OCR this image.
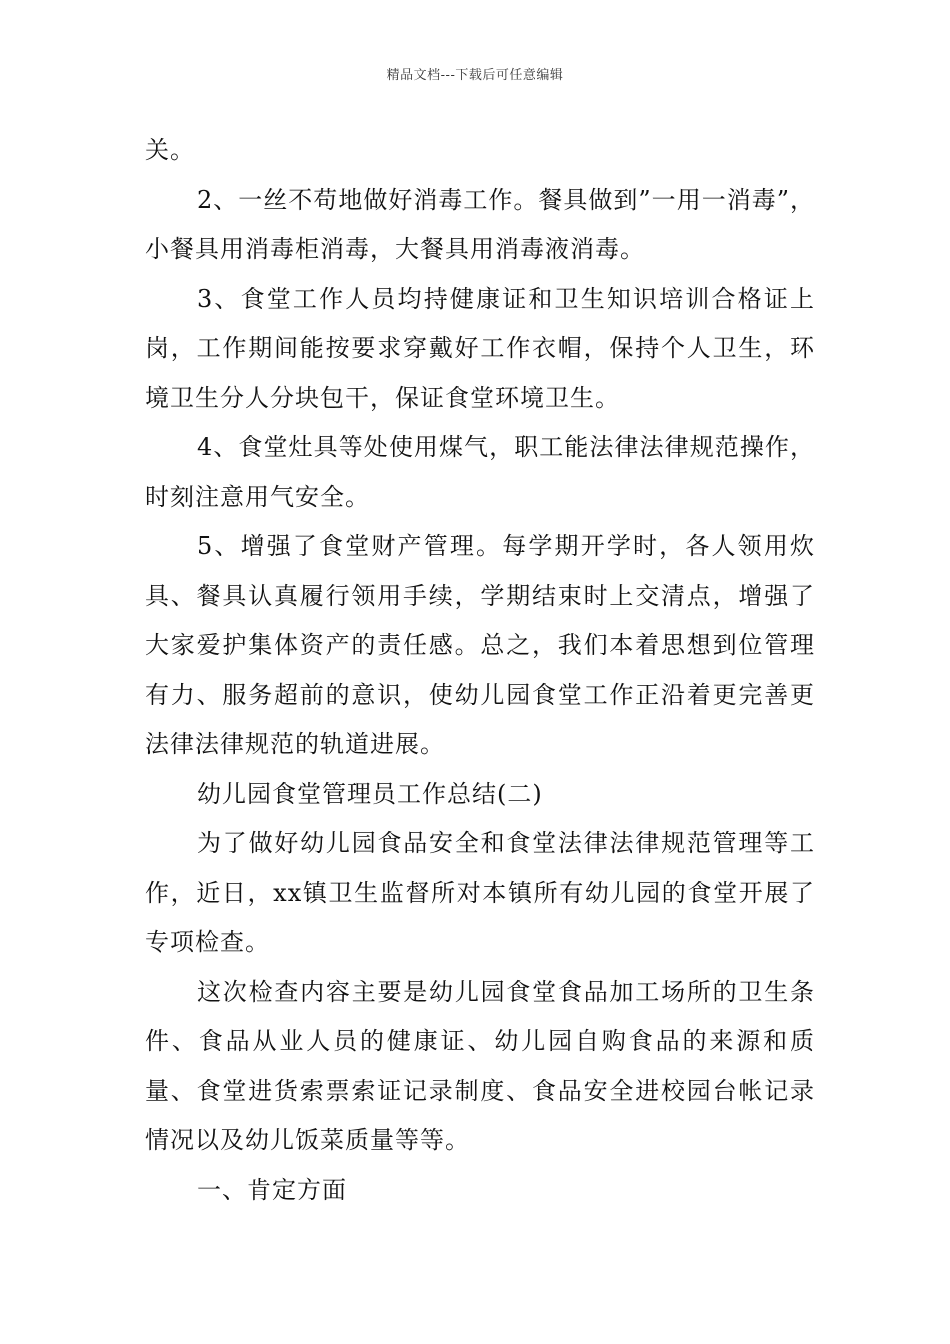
精品文档---下载后可任意编辑

关。

2、一丝不苟地做好消毒工作。餐具做到”一用一消毒”，小餐具用消毒柜消毒，大餐具用消毒液消毒。

3、食堂工作人员均持健康证和卫生知识培训合格证上岗，工作期间能按要求穿戴好工作衣帽，保持个人卫生，环境卫生分人分块包干，保证食堂环境卫生。

4、食堂灶具等处使用煤气，职工能法律法律规范操作，时刻注意用气安全。

5、增强了食堂财产管理。每学期开学时，各人领用炊具、餐具认真履行领用手续，学期结束时上交清点，增强了大家爱护集体资产的责任感。总之，我们本着思想到位管理有力、服务超前的意识，使幼儿园食堂工作正沿着更完善更法律法律规范的轨道进展。

幼儿园食堂管理员工作总结(二)

为了做好幼儿园食品安全和食堂法律法律规范管理等工作，近日，xx镇卫生监督所对本镇所有幼儿园的食堂开展了专项检查。

这次检查内容主要是幼儿园食堂食品加工场所的卫生条件、食品从业人员的健康证、幼儿园自购食品的来源和质量、食堂进货索票索证记录制度、食品安全进校园台帐记录情况以及幼儿饭菜质量等等。

一、肯定方面
